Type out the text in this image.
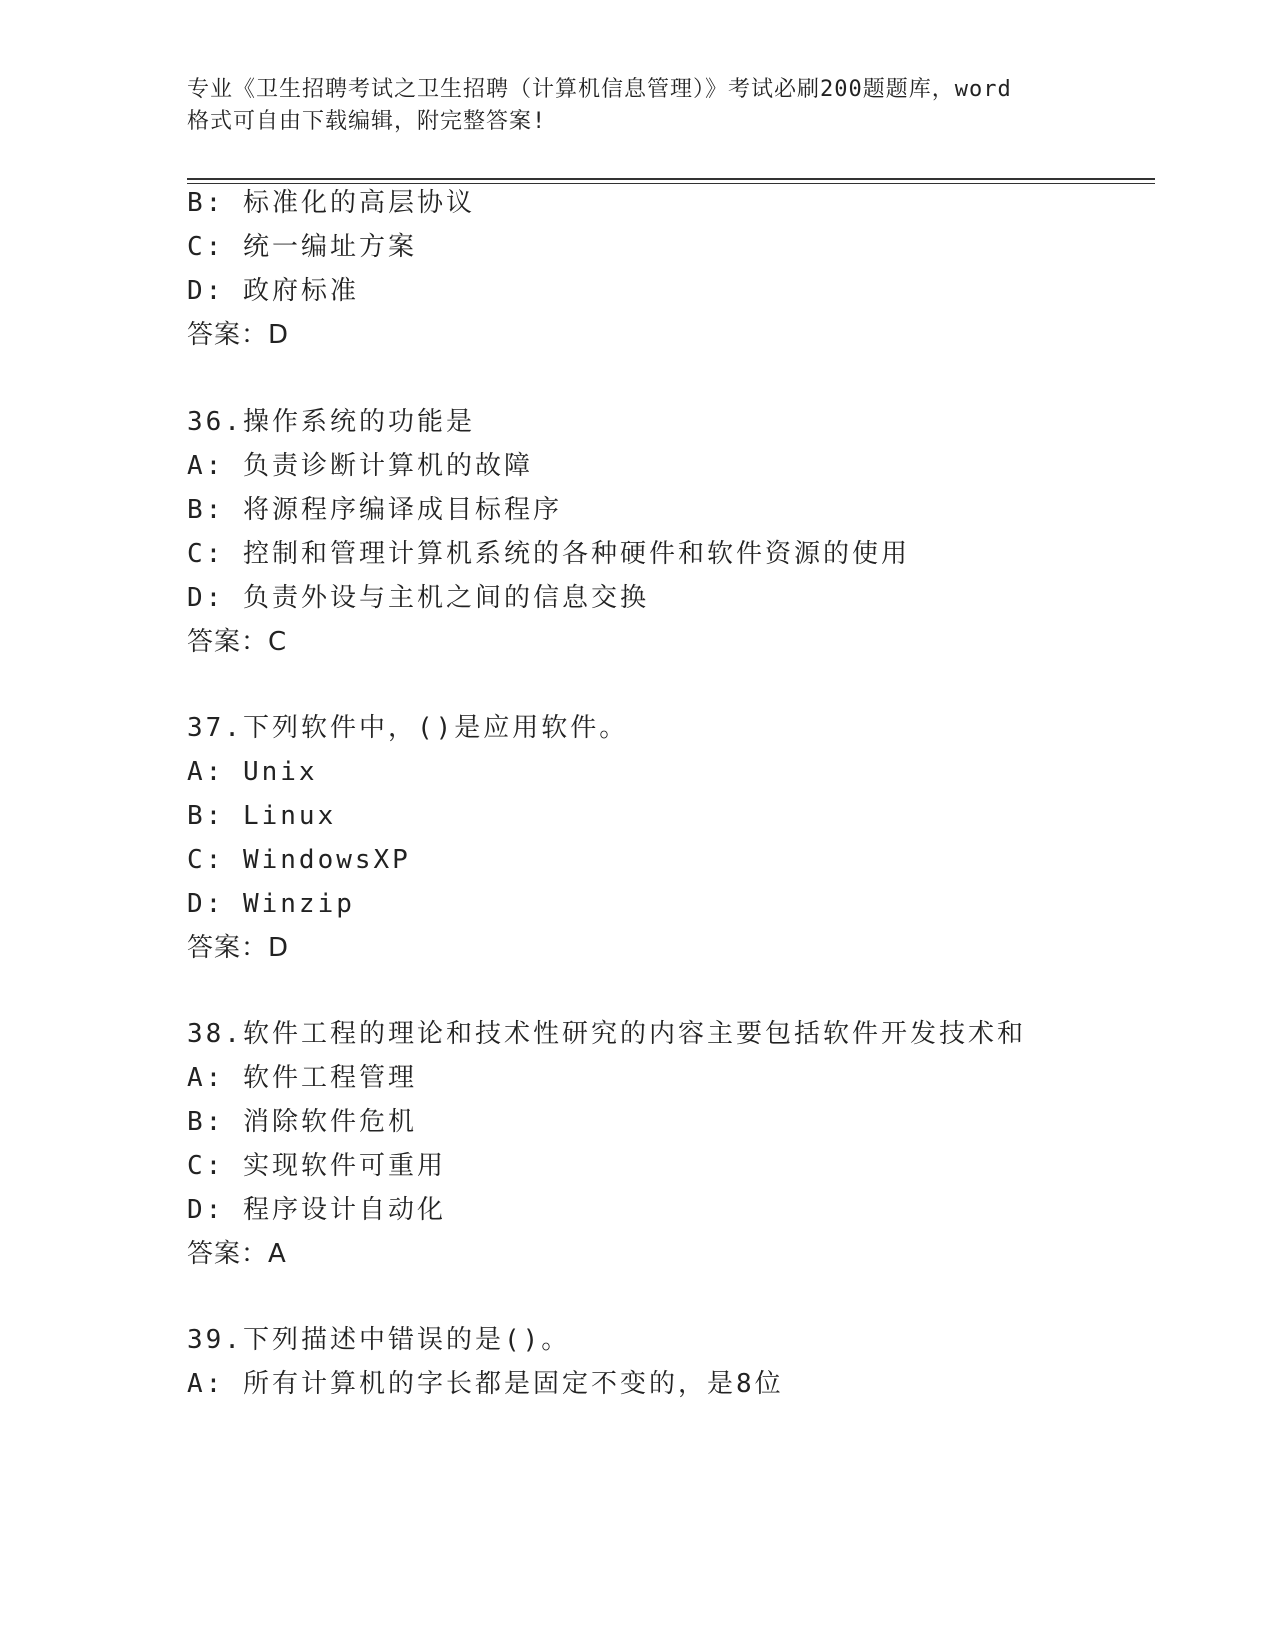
专业《卫生招聘考试之卫生招聘（计算机信息管理）》考试必刷200题题库，word
格式可自由下载编辑，附完整答案!
B: 标准化的高层协议
C: 统一编址方案
D: 政府标准
答案：D
36.操作系统的功能是
A: 负责诊断计算机的故障
B: 将源程序编译成目标程序
C: 控制和管理计算机系统的各种硬件和软件资源的使用
D: 负责外设与主机之间的信息交换
答案：C
37.下列软件中，()是应用软件。
A: Unix
B: Linux
C: WindowsXP
D: Winzip
答案：D
38.软件工程的理论和技术性研究的内容主要包括软件开发技术和
A: 软件工程管理
B: 消除软件危机
C: 实现软件可重用
D: 程序设计自动化
答案：A
39.下列描述中错误的是()。
A: 所有计算机的字长都是固定不变的，是8位
